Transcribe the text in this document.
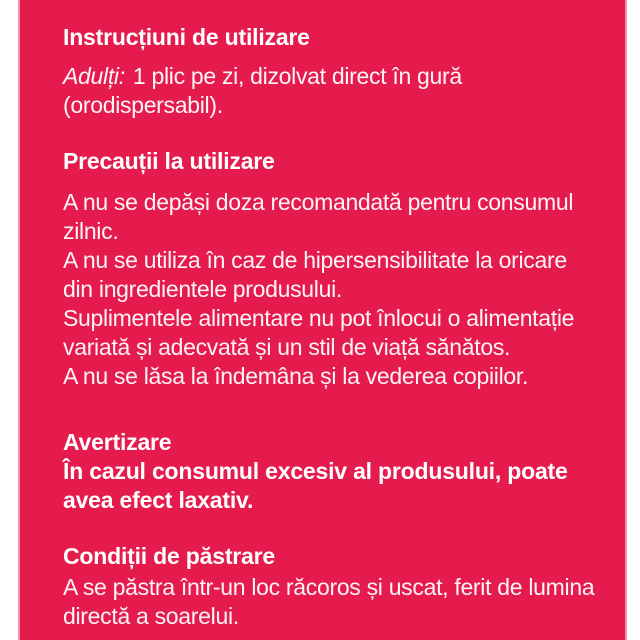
Instrucțiuni de utilizare
Adulți: 1 plic pe zi, dizolvat direct în gură
(orodispersabil).
Precauții la utilizare
A nu se depăși doza recomandată pentru consumul
zilnic.
A nu se utiliza în caz de hipersensibilitate la oricare
din ingredientele produsului.
Suplimentele alimentare nu pot înlocui o alimentație
variată și adecvată și un stil de viață sănătos.
A nu se lăsa la îndemâna și la vederea copiilor.
Avertizare
În cazul consumul excesiv al produsului, poate
avea efect laxativ.
Condiții de păstrare
A se păstra într-un loc răcoros și uscat, ferit de lumina
directă a soarelui.
